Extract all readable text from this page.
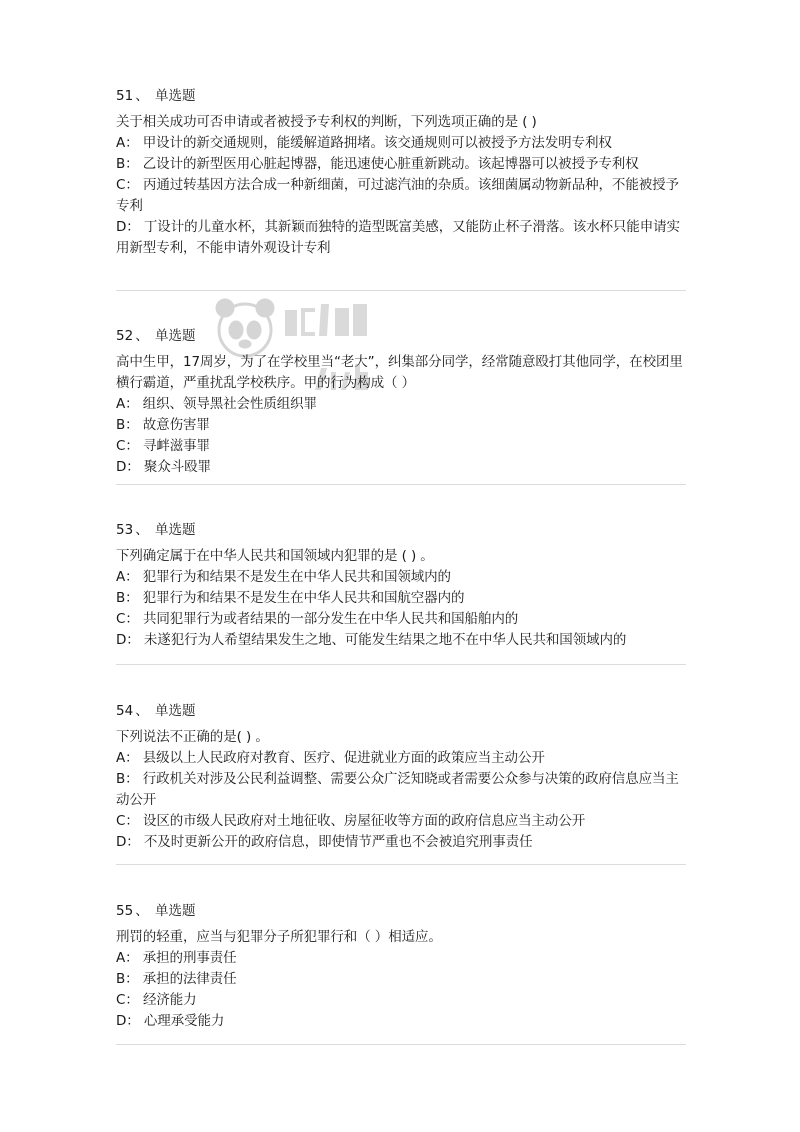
51 、 单选题
关于相关成功可否申请或者被授予专利权的判断，下列选项正确的是 ( )
A： 甲设计的新交通规则，能缓解道路拥堵。该交通规则可以被授予方法发明专利权
B： 乙设计的新型医用心脏起博器，能迅速使心脏重新跳动。该起博器可以被授予专利权
C： 丙通过转基因方法合成一种新细菌，可过滤汽油的杂质。该细菌属动物新品种，不能被授予专利
D： 丁设计的儿童水杯，其新颖而独特的造型既富美感，又能防止杯子滑落。该水杯只能申请实用新型专利，不能申请外观设计专利
52 、 单选题
高中生甲，17周岁，为了在学校里当“老大”，纠集部分同学，经常随意殴打其他同学，在校团里横行霸道，严重扰乱学校秩序。甲的行为构成（ ）
A： 组织、领导黑社会性质组织罪
B： 故意伤害罪
C： 寻衅滋事罪
D： 聚众斗殴罪
53 、 单选题
下列确定属于在中华人民共和国领域内犯罪的是 ( ) 。
A： 犯罪行为和结果不是发生在中华人民共和国领域内的
B： 犯罪行为和结果不是发生在中华人民共和国航空器内的
C： 共同犯罪行为或者结果的一部分发生在中华人民共和国船舶内的
D： 未遂犯行为人希望结果发生之地、可能发生结果之地不在中华人民共和国领域内的
54 、 单选题
下列说法不正确的是( ) 。
A： 县级以上人民政府对教育、医疗、促进就业方面的政策应当主动公开
B： 行政机关对涉及公民利益调整、需要公众广泛知晓或者需要公众参与决策的政府信息应当主动公开
C： 设区的市级人民政府对土地征收、房屋征收等方面的政府信息应当主动公开
D： 不及时更新公开的政府信息，即使情节严重也不会被追究刑事责任
55 、 单选题
刑罚的轻重，应当与犯罪分子所犯罪行和（ ）相适应。
A： 承担的刑事责任
B： 承担的法律责任
C： 经济能力
D： 心理承受能力
